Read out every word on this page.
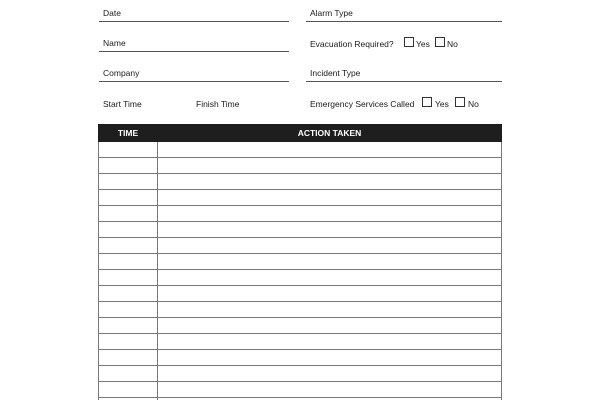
Date	Alarm Type
Name	Evacuation Required?	Yes No
Company	Incident Type
Start Time	Finish Time	Emergency Services Called Yes No
TIME	ACTION TAKEN
